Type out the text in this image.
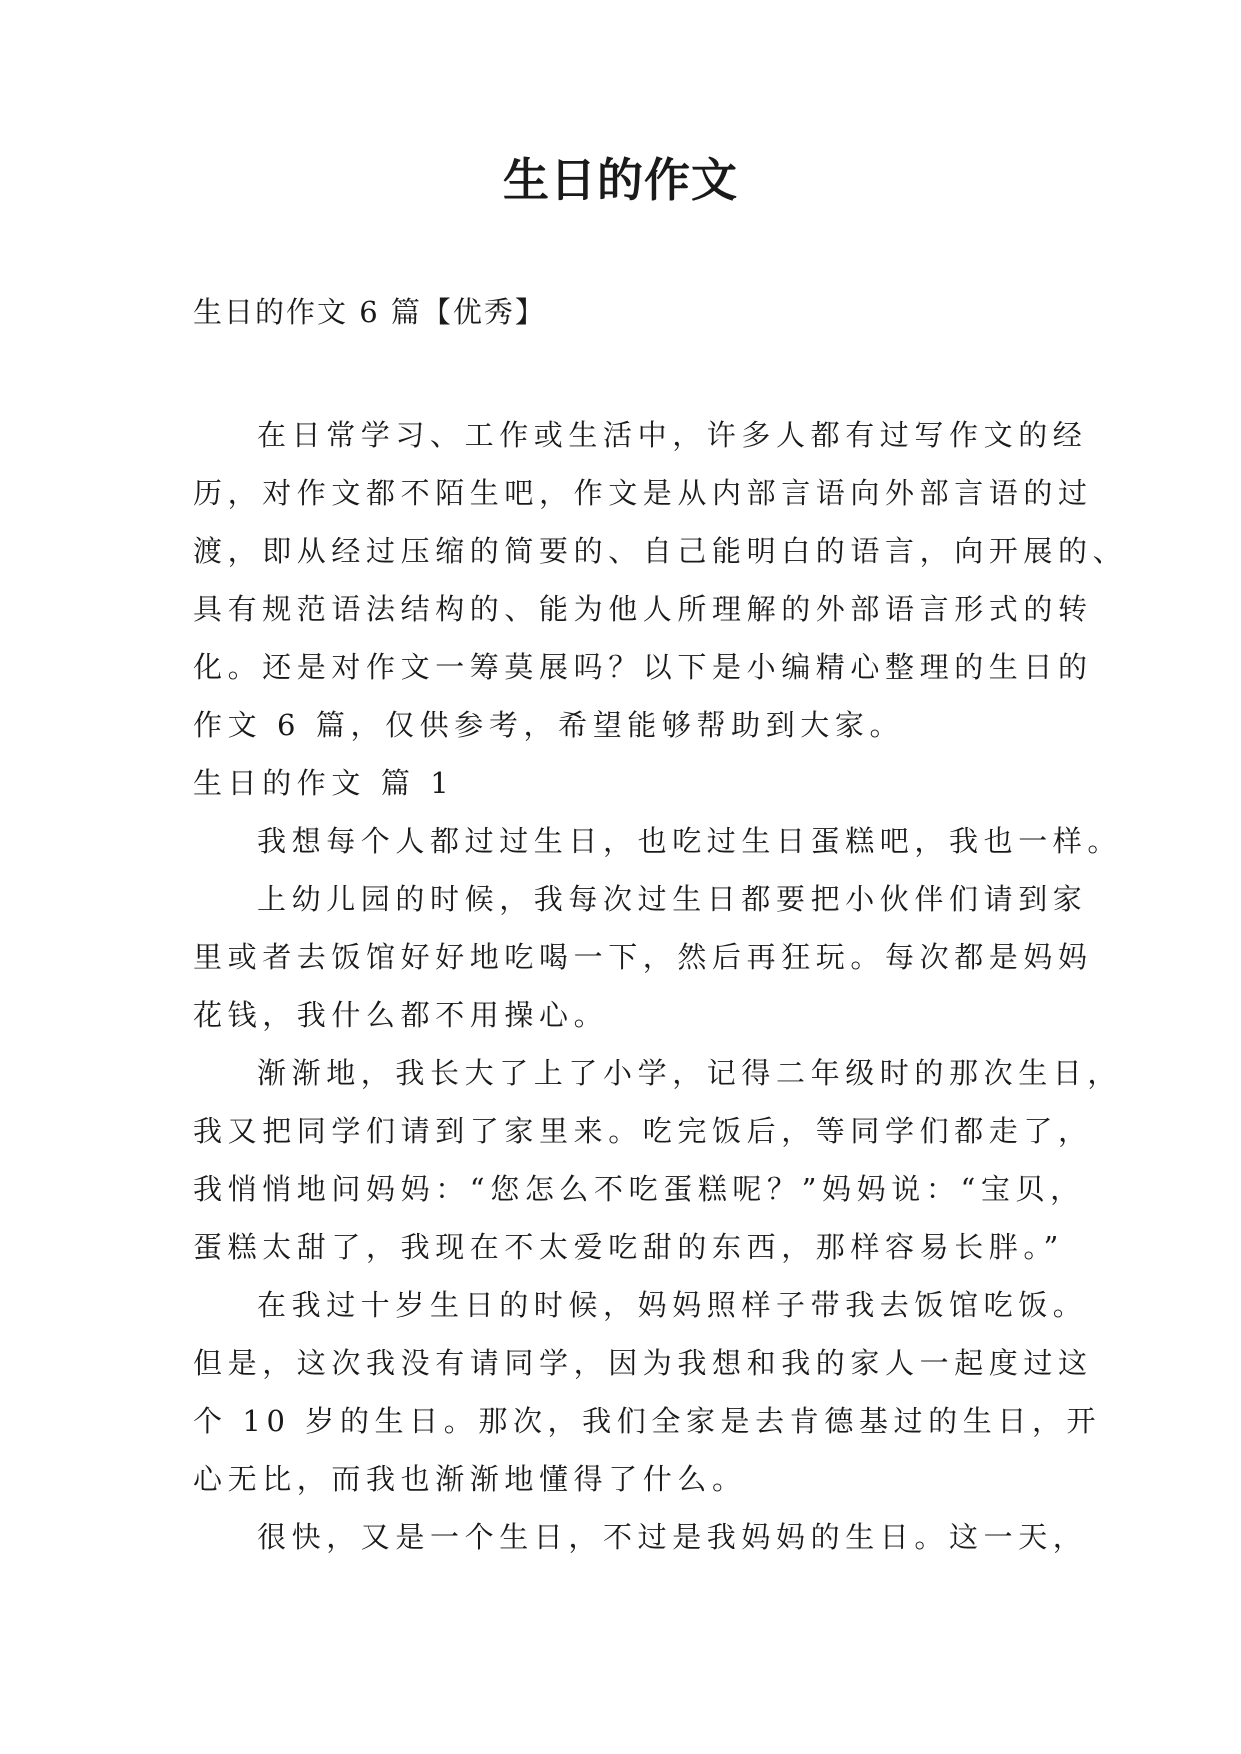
生日的作文
生日的作文 6 篇【优秀】
在日常学习、工作或生活中，许多人都有过写作文的经
历，对作文都不陌生吧，作文是从内部言语向外部言语的过
渡，即从经过压缩的简要的、自己能明白的语言，向开展的、
具有规范语法结构的、能为他人所理解的外部语言形式的转
化。还是对作文一筹莫展吗？以下是小编精心整理的生日的
作文 6 篇，仅供参考，希望能够帮助到大家。
生日的作文 篇 1
我想每个人都过过生日，也吃过生日蛋糕吧，我也一样。
上幼儿园的时候，我每次过生日都要把小伙伴们请到家
里或者去饭馆好好地吃喝一下，然后再狂玩。每次都是妈妈
花钱，我什么都不用操心。
渐渐地，我长大了上了小学，记得二年级时的那次生日，
我又把同学们请到了家里来。吃完饭后，等同学们都走了，
我悄悄地问妈妈：“您怎么不吃蛋糕呢？”妈妈说：“宝贝，
蛋糕太甜了，我现在不太爱吃甜的东西，那样容易长胖。”
在我过十岁生日的时候，妈妈照样子带我去饭馆吃饭。
但是，这次我没有请同学，因为我想和我的家人一起度过这
个 10 岁的生日。那次，我们全家是去肯德基过的生日，开
心无比，而我也渐渐地懂得了什么。
很快，又是一个生日，不过是我妈妈的生日。这一天，
